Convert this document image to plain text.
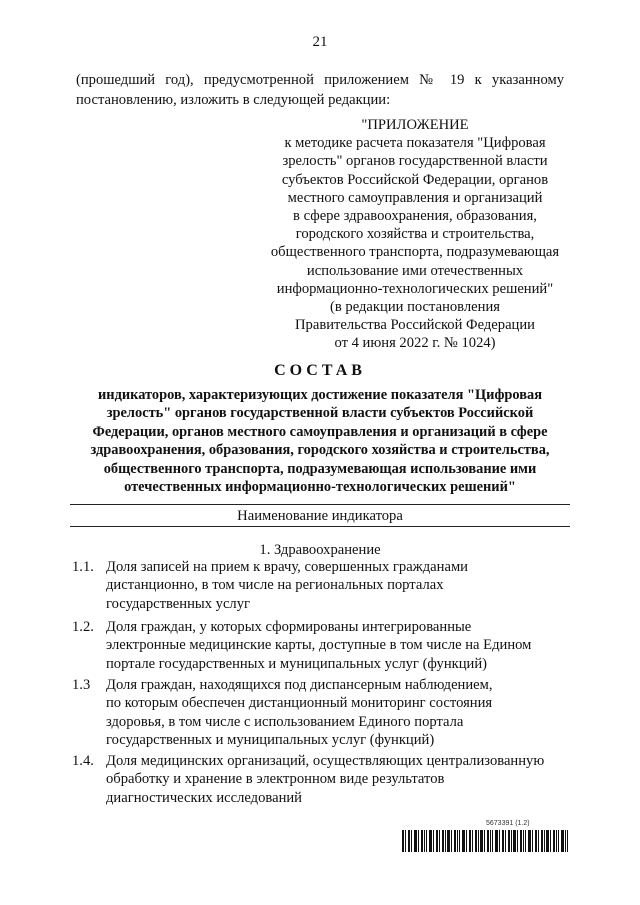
21
(прошедший год), предусмотренной приложением № 19 к указанному
постановлению, изложить в следующей редакции:
"ПРИЛОЖЕНИЕ
к методике расчета показателя "Цифровая
зрелость" органов государственной власти
субъектов Российской Федерации, органов
местного самоуправления и организаций
в сфере здравоохранения, образования,
городского хозяйства и строительства,
общественного транспорта, подразумевающая
использование ими отечественных
информационно-технологических решений"
(в редакции постановления
Правительства Российской Федерации
от 4 июня 2022 г. № 1024)
СОСТАВ
индикаторов, характеризующих достижение показателя "Цифровая
зрелость" органов государственной власти субъектов Российской
Федерации, органов местного самоуправления и организаций в сфере
здравоохранения, образования, городского хозяйства и строительства,
общественного транспорта, подразумевающая использование ими
отечественных информационно-технологических решений"
Наименование индикатора
1. Здравоохранение
1.1. Доля записей на прием к врачу, совершенных гражданами
дистанционно, в том числе на региональных порталах
государственных услуг
1.2. Доля граждан, у которых сформированы интегрированные
электронные медицинские карты, доступные в том числе на Едином
портале государственных и муниципальных услуг (функций)
1.3 Доля граждан, находящихся под диспансерным наблюдением,
по которым обеспечен дистанционный мониторинг состояния
здоровья, в том числе с использованием Единого портала
государственных и муниципальных услуг (функций)
1.4. Доля медицинских организаций, осуществляющих централизованную
обработку и хранение в электронном виде результатов
диагностических исследований
5673391 (1.2)
